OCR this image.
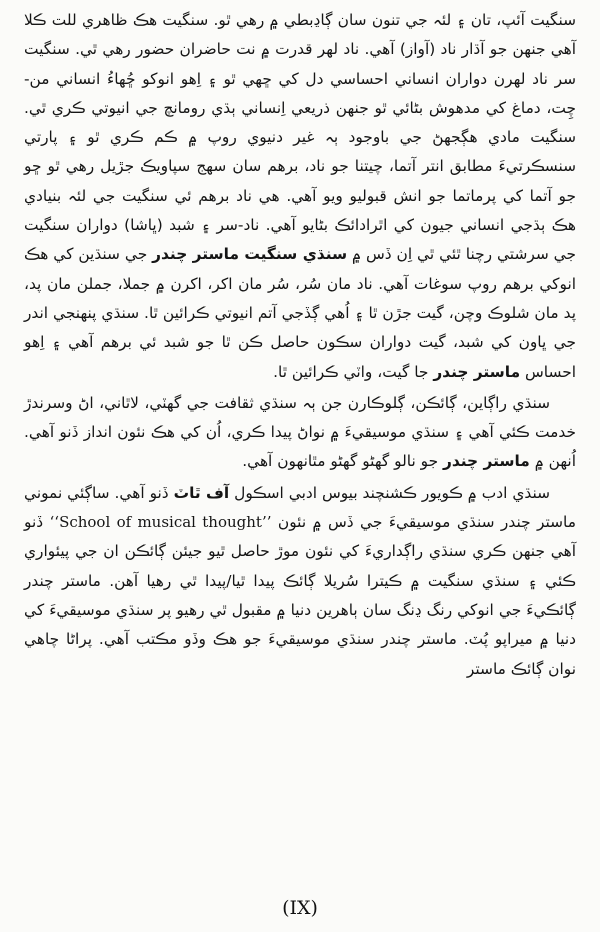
سنگيت آئپ، تان ۽ لئہ جي تنون سان ڳاڍبطي ۾ رهي ٿو. سنگيت هڪ ظاهري للت ڪلا آهي جنهن جو آڌار ناد (آواز) آهي. ناد لهر قدرت ۾ نت حاضران حضور رهي ٿي. سنگيت سر ناد لهرن دواران انساني احساسي دل کي ڇهي ٿو ۽ اِهو انوکو ڇُهاءُ انساني من-چِت، دماغ کي مدهوش بڻائي ٿو جنهن ذريعي اِنساني ٻڌي رومانچ جي انيوتي ڪري ٿي. سنگيت مادي هڳجهڻ جي باوجود ٻہ غير دنيوي روپ ۾ ڪم ڪري ٿو ۽ پارتي سنسڪرتيءَ مطابق انتر آتما، چيتنا جو ناد، برهم سان سهج سپاويڪ جڙيل رهي ٿو ڇو جو آتما کي پرماتما جو انش قبوليو ويو آهي. هي ناد برهم ئي سنگيت جي لئہ بنيادي هڪ ٻڌجي انساني جيون کي اٿرادائڪ بڻايو آهي. ناد-سر ۽ شبد (ڀاشا) دواران سنگيت جي سرشتي رچنا ٿئي ٿي اِن ڏس ۾ سنڌي سنگيت ماستر چندر جي سنڌين کي هڪ انوکي برهم روپ سوغات آهي. ناد مان سُر، سُر مان اکر، اکرن ۾ جملا، جملن مان پد، پد مان شلوڪ وچن، گيت جڙن ٿا ۽ اُهي ڳڏجي آتم انيوتي ڪرائين ٿا. سنڌي پنهنجي اندر جي ڀاون کي شبد، گيت دواران سڪون حاصل ڪن ٿا جو شبد ئي برهم آهي ۽ اِهو احساس ماستر چندر جا گيت، واٽي ڪرائين ٿا.

سنڌي راڳاين، ڳائڪن، ڳلوڪارن جن ٻہ سنڌي ثقافت جي گهٽي، لاٿاني، اڻ وسرندڙ خدمت ڪئي آهي ۽ سنڌي موسيقيءَ ۾ نواڻ پيدا ڪري، اُن کي هڪ نئون انداز ڏنو آهي. اُنهن ۾ ماستر چندر جو نالو گهڻو گهڻو مٿانهون آهي.

سنڌي ادب ۾ ڪويور ڪشنچند بيوس ادبي اسڪول آف ٿاٽ ڏنو آهي. ساڳئي نموني ماستر چندر سنڌي موسيقيءَ جي ڏس ۾ نئون ‘‘School of musical thought’’ ڏنو آهي جنهن ڪري سنڌي راڳداريءَ کي نئون موڙ حاصل ٿيو جيئن ڳائڪن ان جي پيئواري ڪئي ۽ سنڌي سنگيت ۾ ڪيترا سُريلا ڳائڪ پيدا ٿيا/پيدا ٿي رهيا آهن. ماستر چندر ڳائڪيءَ جي انوکي رنگ ڍنگ سان ٻاهرين دنيا ۾ مقبول ٿي رهيو پر سنڌي موسيقيءَ کي دنيا ۾ ميراپو پُٽ. ماستر چندر سنڌي موسيقيءَ جو هڪ وڏو مڪتب آهي. پراڻا چاهي نوان ڳائڪ ماستر

(IX)
